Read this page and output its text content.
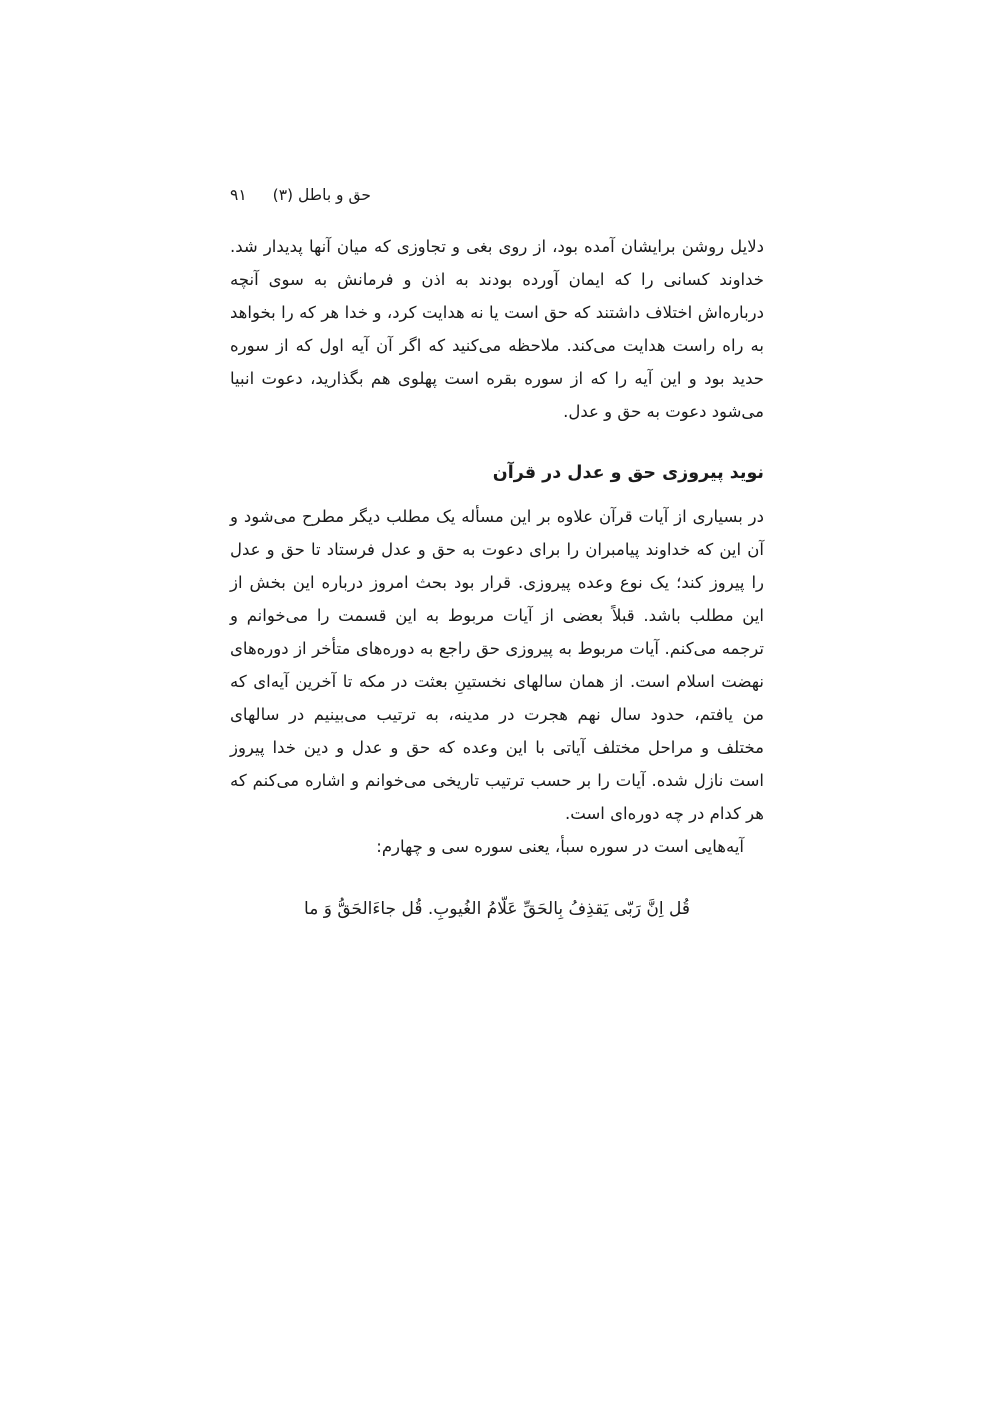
حق و باطل (۳)
۹۱

دلایل روشن برایشان آمده بود، از روی بغی و تجاوزی که میان آنها پدیدار شد. خداوند کسانی را که ایمان آورده بودند به اذن و فرمانش به سوی آنچه درباره‌اش اختلاف داشتند که حق است یا نه هدایت کرد، و خدا هر که را بخواهد به راه راست هدایت می‌کند. ملاحظه می‌کنید که اگر آن آیه اول که از سوره حدید بود و این آیه را که از سوره بقره است پهلوی هم بگذارید، دعوت انبیا می‌شود دعوت به حق و عدل.

نوید پیروزی حق و عدل در قرآن

در بسیاری از آیات قرآن علاوه بر این مسأله یک مطلب دیگر مطرح می‌شود و آن این که خداوند پیامبران را برای دعوت به حق و عدل فرستاد تا حق و عدل را پیروز کند؛ یک نوع وعده پیروزی. قرار بود بحث امروز درباره این بخش از این مطلب باشد. قبلاً بعضی از آیات مربوط به این قسمت را می‌خوانم و ترجمه می‌کنم. آیات مربوط به پیروزی حق راجع به دوره‌های متأخر از دوره‌های نهضت اسلام است. از همان سالهای نخستینِ بعثت در مکه تا آخرین آیه‌ای که من یافتم، حدود سال نهم هجرت در مدینه، به ترتیب می‌بینیم در سالهای مختلف و مراحل مختلف آیاتی با این وعده که حق و عدل و دین خدا پیروز است نازل شده. آیات را بر حسب ترتیب تاریخی می‌خوانم و اشاره می‌کنم که هر کدام در چه دوره‌ای است.

آیه‌هایی است در سوره سبأ، یعنی سوره سی و چهارم:

قُل اِنَّ رَبّی یَقذِفُ بِالحَقِّ عَلّامُ الغُیوبِ. قُل جاءَالحَقُّ وَ ما
